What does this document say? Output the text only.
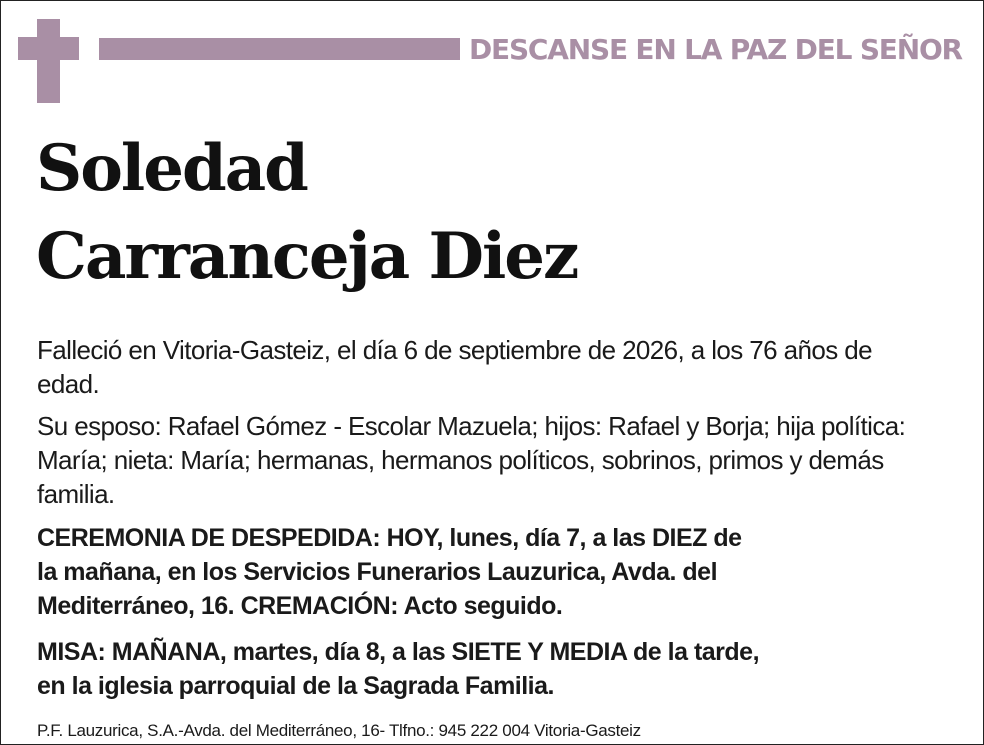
DESCANSE EN LA PAZ DEL SEÑOR
Soledad
Carranceja Diez

Falleció en Vitoria-Gasteiz, el día 6 de septiembre de 2026, a los 76 años de edad.

Su esposo: Rafael Gómez - Escolar Mazuela; hijos: Rafael y Borja; hija política: María; nieta: María; hermanas, hermanos políticos, sobrinos, primos y demás familia.

CEREMONIA DE DESPEDIDA: HOY, lunes, día 7, a las DIEZ de
la mañana, en los Servicios Funerarios Lauzurica, Avda. del
Mediterráneo, 16. CREMACIÓN: Acto seguido.

MISA: MAÑANA, martes, día 8, a las SIETE Y MEDIA de la tarde,
en la iglesia parroquial de la Sagrada Familia.

P.F. Lauzurica, S.A.-Avda. del Mediterráneo, 16- Tlfno.: 945 222 004 Vitoria-Gasteiz
